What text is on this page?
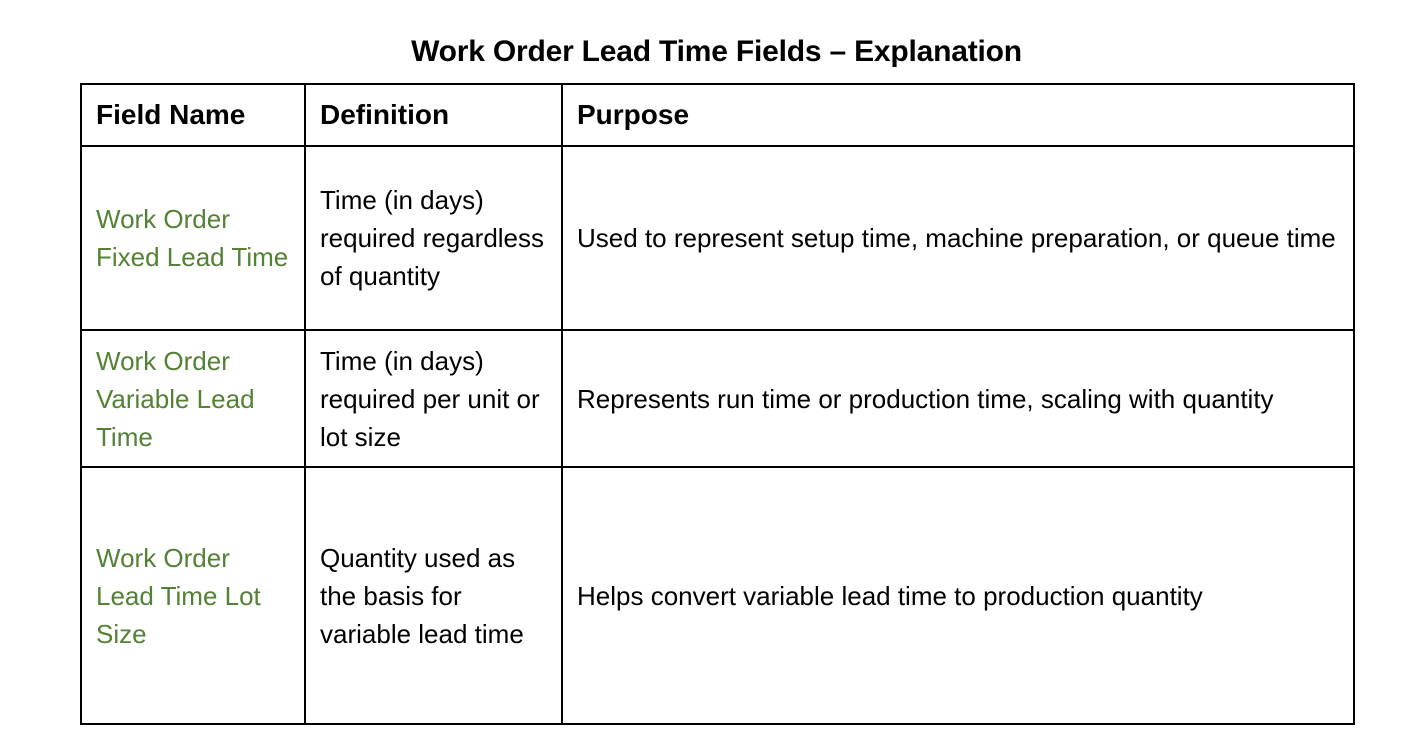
Work Order Lead Time Fields – Explanation
Field Name	Definition	Purpose
Work Order Fixed Lead Time	Time (in days) required regardless of quantity	Used to represent setup time, machine preparation, or queue time
Work Order Variable Lead Time	Time (in days) required per unit or lot size	Represents run time or production time, scaling with quantity
Work Order Lead Time Lot Size	Quantity used as the basis for variable lead time	Helps convert variable lead time to production quantity
